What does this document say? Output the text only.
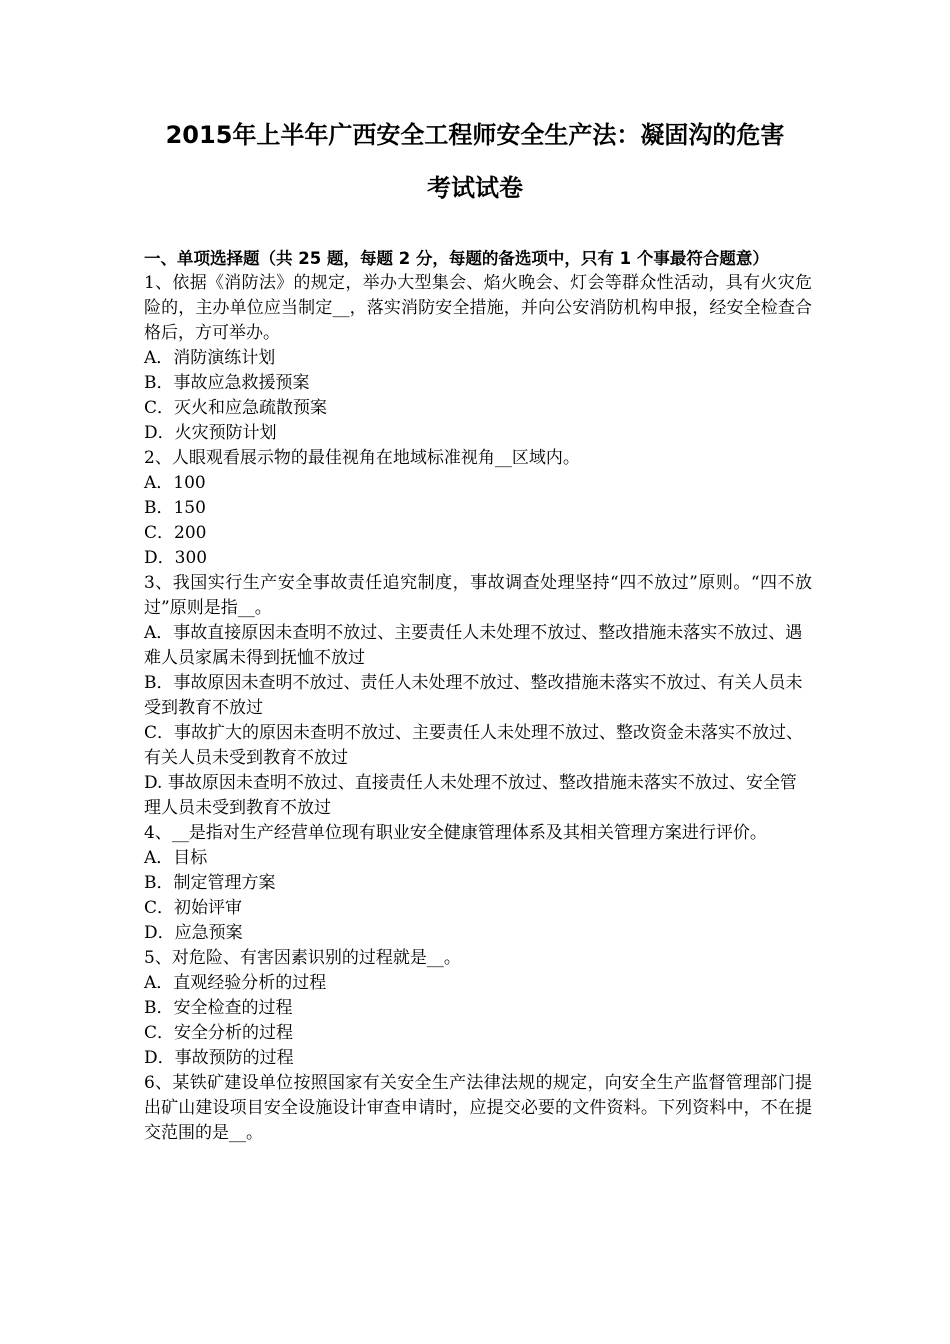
2015年上半年广西安全工程师安全生产法：凝固沟的危害
考试试卷

一、单项选择题（共 25 题，每题 2 分，每题的备选项中，只有 1 个事最符合题意）

1、依据《消防法》的规定，举办大型集会、焰火晚会、灯会等群众性活动，具有火灾危险的，主办单位应当制定__，落实消防安全措施，并向公安消防机构申报，经安全检查合格后，方可举办。

A．消防演练计划

B．事故应急救援预案

C．灭火和应急疏散预案

D．火灾预防计划

2、人眼观看展示物的最佳视角在地域标准视角__区域内。

A．100

B．150

C．200

D．300

3、我国实行生产安全事故责任追究制度，事故调查处理坚持“四不放过”原则。“四不放过”原则是指__。

A．事故直接原因未查明不放过、主要责任人未处理不放过、整改措施未落实不放过、遇难人员家属未得到抚恤不放过

B．事故原因未查明不放过、责任人未处理不放过、整改措施未落实不放过、有关人员未受到教育不放过

C．事故扩大的原因未查明不放过、主要责任人未处理不放过、整改资金未落实不放过、有关人员未受到教育不放过

D. 事故原因未查明不放过、直接责任人未处理不放过、整改措施未落实不放过、安全管理人员未受到教育不放过

4、__是指对生产经营单位现有职业安全健康管理体系及其相关管理方案进行评价。

A．目标

B．制定管理方案

C．初始评审

D．应急预案

5、对危险、有害因素识别的过程就是__。

A．直观经验分析的过程

B．安全检查的过程

C．安全分析的过程

D．事故预防的过程

6、某铁矿建设单位按照国家有关安全生产法律法规的规定，向安全生产监督管理部门提出矿山建设项目安全设施设计审查申请时，应提交必要的文件资料。下列资料中，不在提交范围的是__。
